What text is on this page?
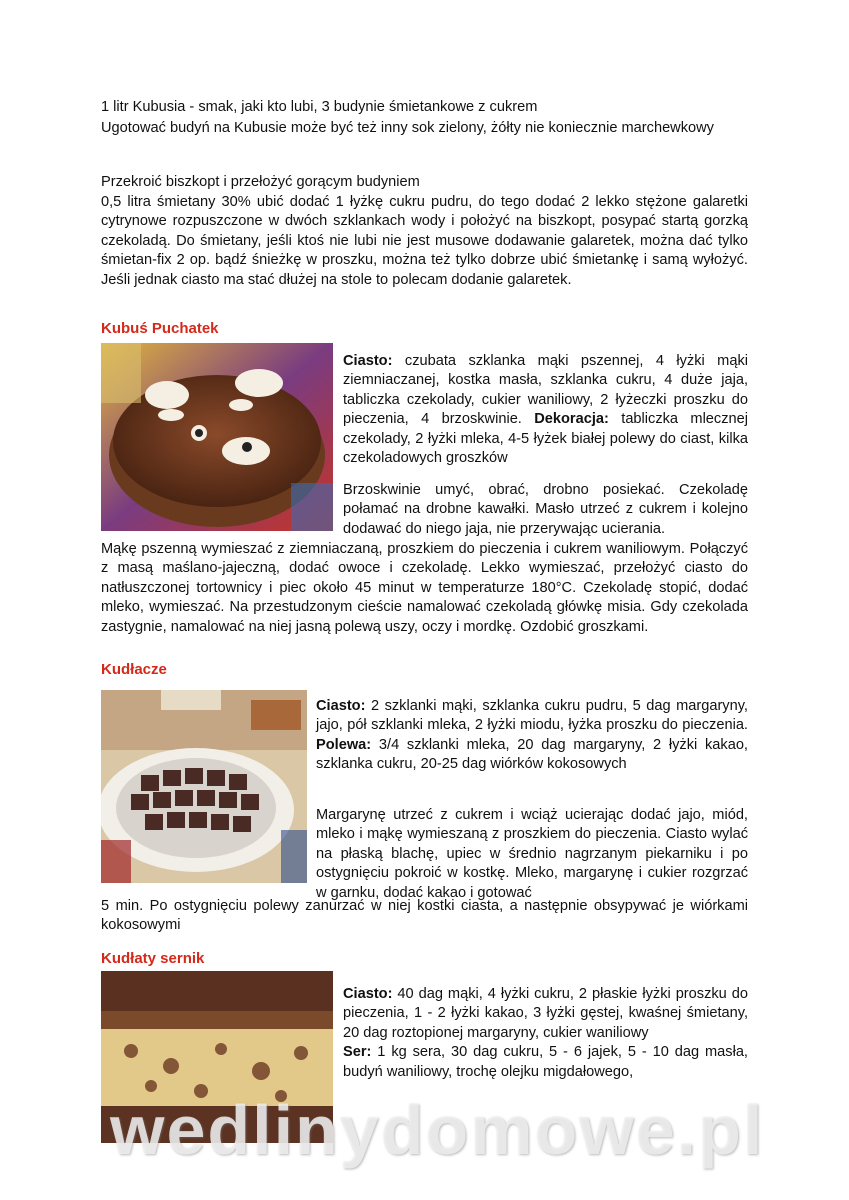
1 litr Kubusia - smak, jaki kto lubi, 3 budynie śmietankowe z cukrem

Ugotować budyń na Kubusie może być też inny sok zielony, żółty nie koniecznie marchewkowy

Przekroić biszkopt i przełożyć gorącym budyniem

0,5 litra śmietany 30% ubić dodać 1 łyżkę cukru pudru, do tego dodać 2 lekko stężone galaretki cytrynowe rozpuszczone w dwóch szklankach wody i położyć na biszkopt, posypać startą gorzką czekoladą. Do śmietany, jeśli ktoś nie lubi nie jest musowe dodawanie galaretek, można dać tylko śmietan-fix 2 op. bądź śnieżkę w proszku, można też tylko dobrze ubić śmietankę i samą wyłożyć. Jeśli jednak ciasto ma stać dłużej na stole to polecam dodanie galaretek.

Kubuś Puchatek

Ciasto: czubata szklanka mąki pszennej, 4 łyżki mąki ziemniaczanej, kostka masła, szklanka cukru, 4 duże jaja, tabliczka czekolady, cukier waniliowy, 2 łyżeczki proszku do pieczenia, 4 brzoskwinie. Dekoracja: tabliczka mlecznej czekolady, 2 łyżki mleka, 4-5 łyżek białej polewy do ciast, kilka czekoladowych groszków

Brzoskwinie umyć, obrać, drobno posiekać. Czekoladę połamać na drobne kawałki. Masło utrzeć z cukrem i kolejno dodawać do niego jaja, nie przerywając ucierania.

Mąkę pszenną wymieszać z ziemniaczaną, proszkiem do pieczenia i cukrem waniliowym. Połączyć z masą maślano-jajeczną, dodać owoce i czekoladę. Lekko wymieszać, przełożyć ciasto do natłuszczonej tortownicy i piec około 45 minut w temperaturze 180°C. Czekoladę stopić, dodać mleko, wymieszać. Na przestudzonym cieście namalować czekoladą główkę misia. Gdy czekolada zastygnie, namalować na niej jasną polewą uszy, oczy i mordkę. Ozdobić groszkami.

Kudłacze

Ciasto: 2 szklanki mąki, szklanka cukru pudru, 5 dag margaryny, jajo, pół szklanki mleka, 2 łyżki miodu, łyżka proszku do pieczenia. Polewa: 3/4 szklanki mleka, 20 dag margaryny, 2 łyżki kakao, szklanka cukru, 20-25 dag wiórków kokosowych

Margarynę utrzeć z cukrem i wciąż ucierając dodać jajo, miód, mleko i mąkę wymieszaną z proszkiem do pieczenia. Ciasto wylać na płaską blachę, upiec w średnio nagrzanym piekarniku i po ostygnięciu pokroić w kostkę. Mleko, margarynę i cukier rozgrzać w garnku, dodać kakao i gotować

5 min. Po ostygnięciu polewy zanurzać w niej kostki ciasta, a następnie obsypywać je wiórkami kokosowymi

Kudłaty sernik

Ciasto: 40 dag mąki, 4 łyżki cukru, 2 płaskie łyżki proszku do pieczenia, 1 - 2 łyżki kakao, 3 łyżki gęstej, kwaśnej śmietany, 20 dag roztopionej margaryny, cukier waniliowy
Ser: 1 kg sera, 30 dag cukru, 5 - 6 jajek, 5 - 10 dag masła, budyń waniliowy, trochę olejku migdałowego,

wedlinydomowe.pl
